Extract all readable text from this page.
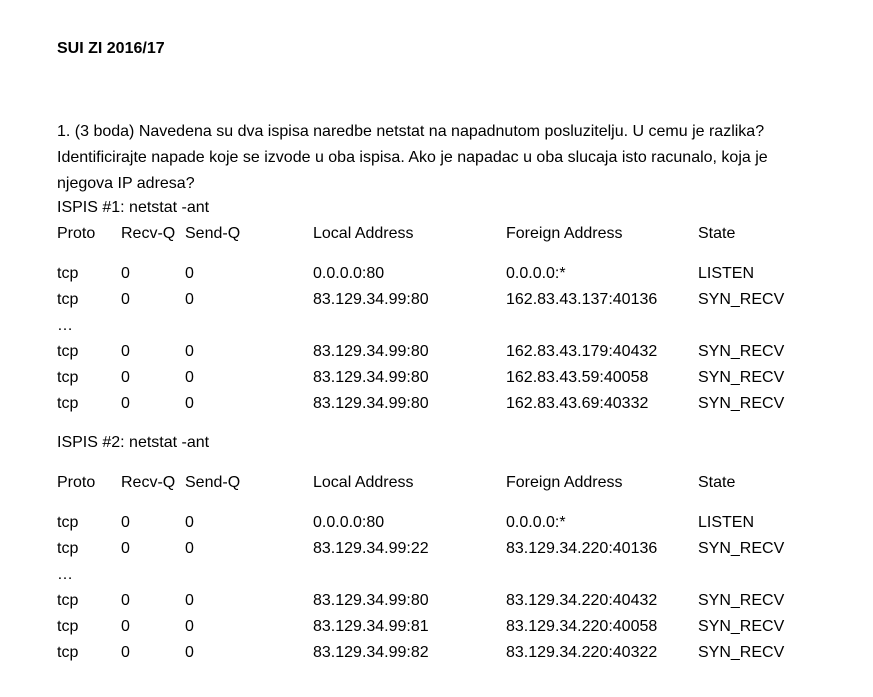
SUI ZI 2016/17

1. (3 boda) Navedena su dva ispisa naredbe netstat na napadnutom posluzitelju. U cemu je razlika?

Identificirajte napade koje se izvode u oba ispisa. Ako je napadac u oba slucaja isto racunalo, koja je

njegova IP adresa?

ISPIS #1: netstat -ant
Proto Recv-Q Send-Q	Local Address	Foreign Address	State
tcp	0	0	0.0.0.0:80	0.0.0.0:*	LISTEN
tcp	0	0	83.129.34.99:80	162.83.43.137:40136	SYN_RECV
…
tcp	0	0	83.129.34.99:80	162.83.43.179:40432	SYN_RECV
tcp	0	0	83.129.34.99:80	162.83.43.59:40058	SYN_RECV
tcp	0	0	83.129.34.99:80	162.83.43.69:40332	SYN_RECV
ISPIS #2: netstat -ant
Proto Recv-Q Send-Q	Local Address	Foreign Address	State
tcp	0	0	0.0.0.0:80	0.0.0.0:*	LISTEN
tcp	0	0	83.129.34.99:22	83.129.34.220:40136	SYN_RECV
…
tcp	0	0	83.129.34.99:80	83.129.34.220:40432	SYN_RECV
tcp	0	0	83.129.34.99:81	83.129.34.220:40058	SYN_RECV
tcp	0	0	83.129.34.99:82	83.129.34.220:40322	SYN_RECV
